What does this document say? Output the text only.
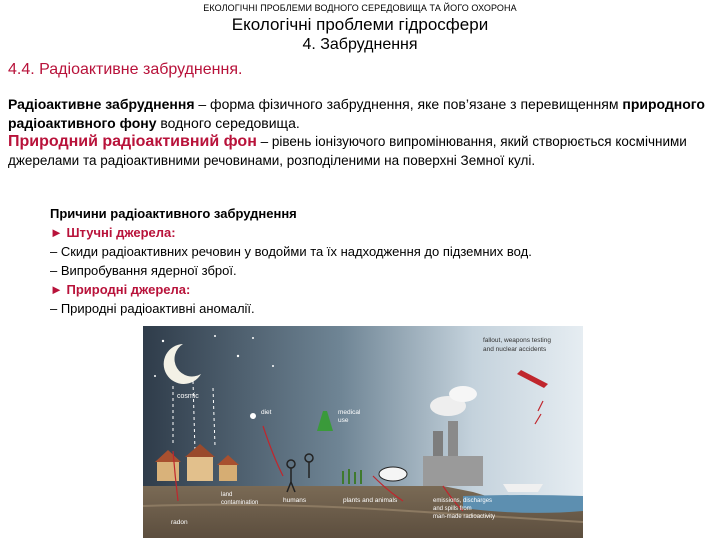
ЕКОЛОГІЧНІ ПРОБЛЕМИ ВОДНОГО СЕРЕДОВИЩА ТА ЙОГО ОХОРОНА
Екологічні проблеми гідросфери
4. Забруднення
4.4. Радіоактивне забруднення.
Радіоактивне забруднення – форма фізичного забруднення, яке пов’язане з перевищенням природного радіоактивного фону водного середовища.
Природний радіоактивний фон – рівень іонізуючого випромінювання, який створюється космічними джерелами та радіоактивними речовинами, розподіленими на поверхні Земної кулі.
Причини радіоактивного забруднення
► Штучні джерела:
– Скиди радіоактивних речовин у водойми та їх надходження до підземних вод.
– Випробування ядерної зброї.
► Природні джерела:
– Природні радіоактивні аномалії.
cosmic
fallout, weapons testing
and nuclear accidents
diet	medical
use
radon
land
contamination	humans	plants and animals	emissions, discharges
and spills from
man-made radioactivity
